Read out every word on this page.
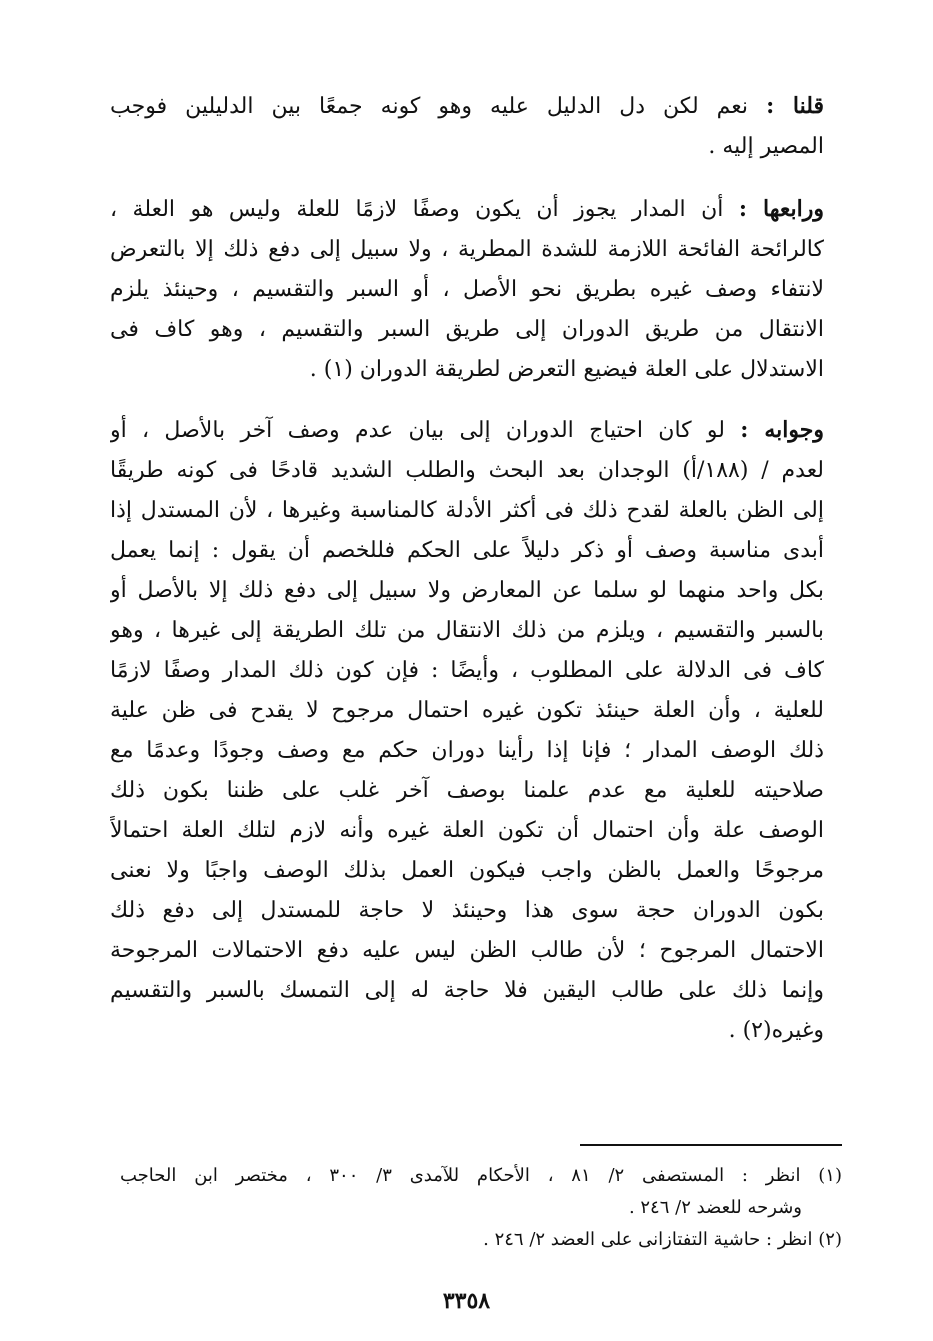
قلنا : نعم لكن دل الدليل عليه وهو كونه جمعًا بين الدليلين فوجب
المصير إليه .
ورابعها : أن المدار يجوز أن يكون وصفًا لازمًا للعلة وليس هو العلة ،
كالرائحة الفائحة اللازمة للشدة المطرية ، ولا سبيل إلى دفع ذلك إلا بالتعرض
لانتفاء وصف غيره بطريق نحو الأصل ، أو السبر والتقسيم ، وحينئذ يلزم
الانتقال من طريق الدوران إلى طريق السبر والتقسيم ، وهو كاف فى
الاستدلال على العلة فيضيع التعرض لطريقة الدوران (١) .
وجوابه : لو كان احتياج الدوران إلى بيان عدم وصف آخر بالأصل ، أو
لعدم / (١٨٨/أ) الوجدان بعد البحث والطلب الشديد قادحًا فى كونه طريقًا
إلى الظن بالعلة لقدح ذلك فى أكثر الأدلة كالمناسبة وغيرها ، لأن المستدل إذا
أبدى مناسبة وصف أو ذكر دليلاً على الحكم فللخصم أن يقول : إنما يعمل
بكل واحد منهما لو سلما عن المعارض ولا سبيل إلى دفع ذلك إلا بالأصل أو
بالسبر والتقسيم ، ويلزم من ذلك الانتقال من تلك الطريقة إلى غيرها ، وهو
كاف فى الدلالة على المطلوب ، وأيضًا : فإن كون ذلك المدار وصفًا لازمًا
للعلية ، وأن العلة حينئذ تكون غيره احتمال مرجوح لا يقدح فى ظن علية
ذلك الوصف المدار ؛ فإنا إذا رأينا دوران حكم مع وصف وجودًا وعدمًا مع
صلاحيته للعلية مع عدم علمنا بوصف آخر غلب على ظننا بكون ذلك
الوصف علة وأن احتمال أن تكون العلة غيره وأنه لازم لتلك العلة احتمالاً
مرجوحًا والعمل بالظن واجب فيكون العمل بذلك الوصف واجبًا ولا نعنى
بكون الدوران حجة سوى هذا وحينئذ لا حاجة للمستدل إلى دفع ذلك
الاحتمال المرجوح ؛ لأن طالب الظن ليس عليه دفع الاحتمالات المرجوحة
وإنما ذلك على طالب اليقين فلا حاجة له إلى التمسك بالسبر والتقسيم
وغيره(٢) .
(١) انظر : المستصفى ٢/ ٨١ ، الأحكام للآمدى ٣/ ٣٠٠ ، مختصر ابن الحاجب
وشرحه للعضد ٢/ ٢٤٦ .
(٢) انظر : حاشية التفتازانى على العضد ٢/ ٢٤٦ .
٣٣٥٨
